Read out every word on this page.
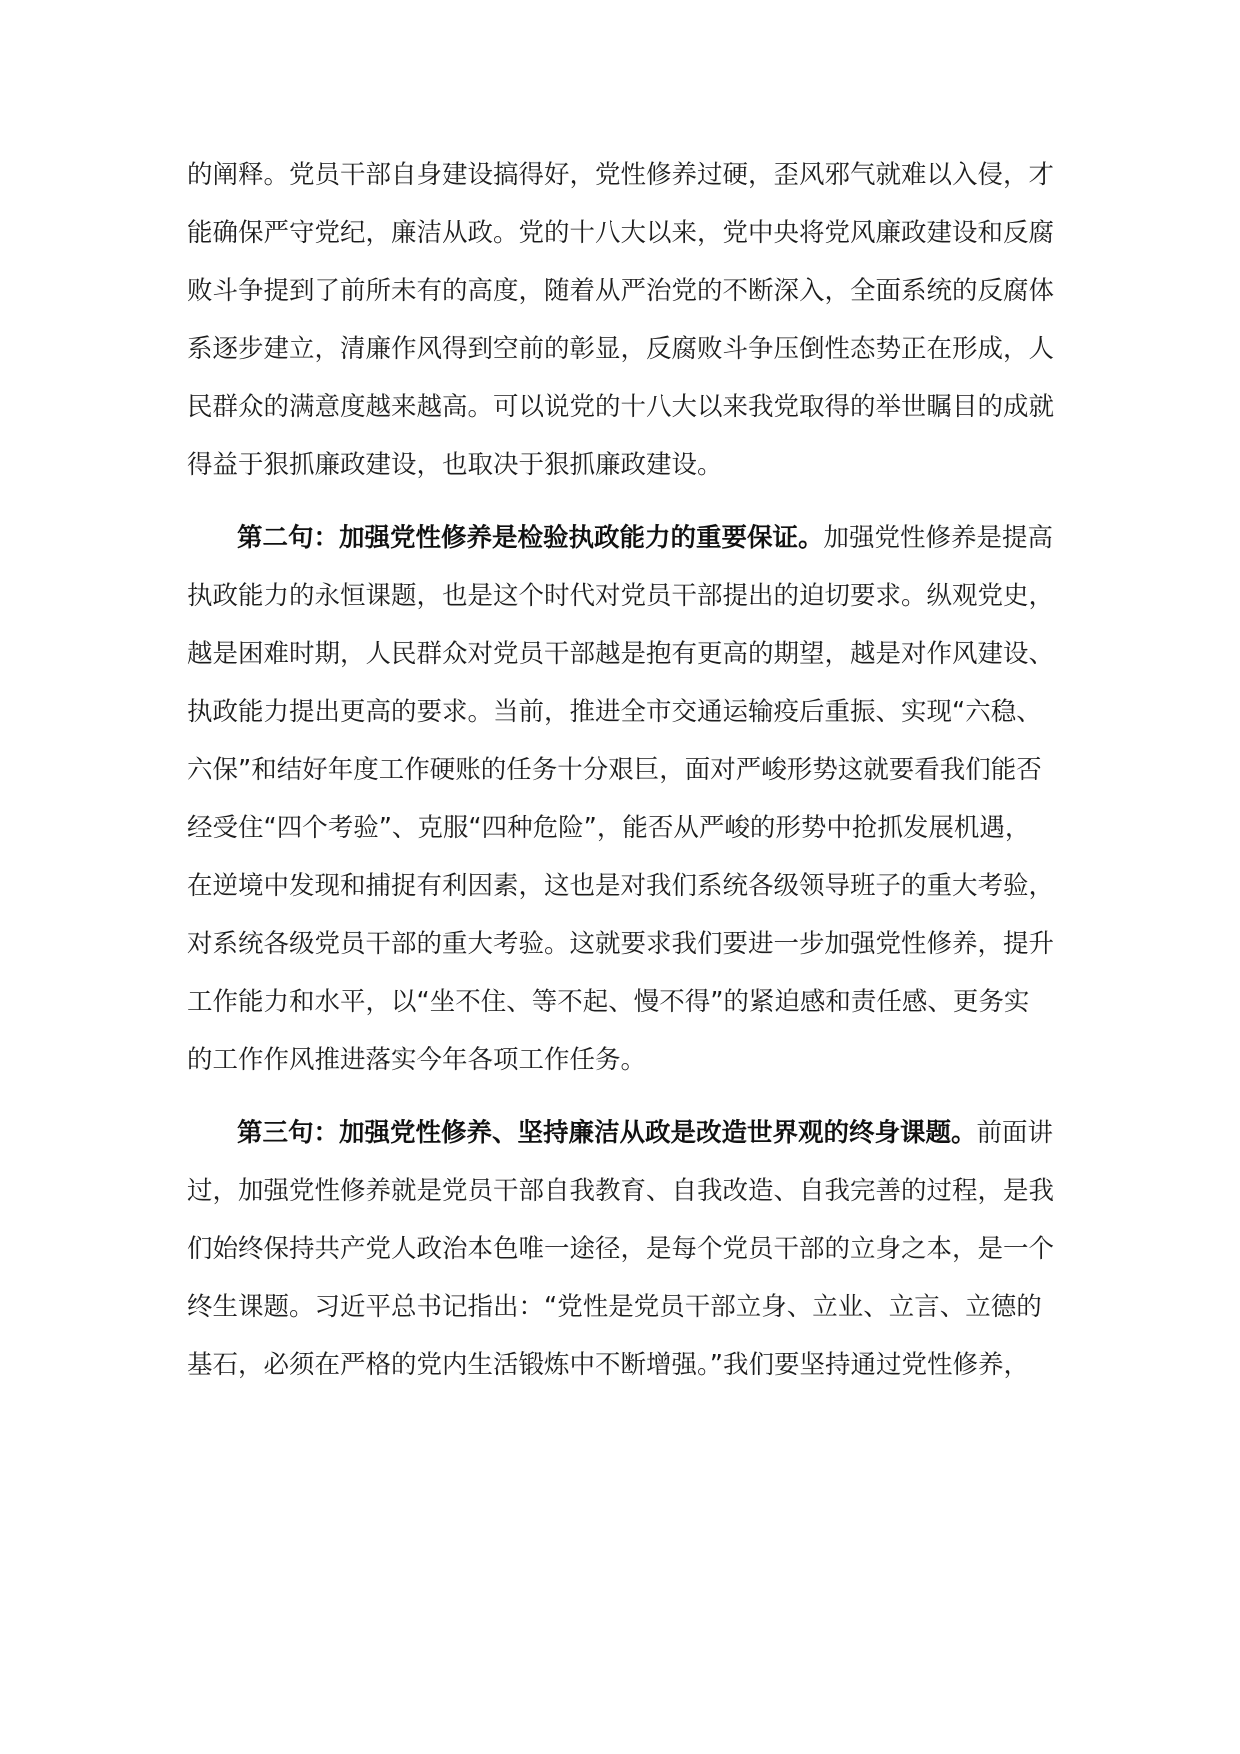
的阐释。党员干部自身建设搞得好，党性修养过硬，歪风邪气就难以入侵，才
能确保严守党纪，廉洁从政。党的十八大以来，党中央将党风廉政建设和反腐
败斗争提到了前所未有的高度，随着从严治党的不断深入，全面系统的反腐体
系逐步建立，清廉作风得到空前的彰显，反腐败斗争压倒性态势正在形成，人
民群众的满意度越来越高。可以说党的十八大以来我党取得的举世瞩目的成就
得益于狠抓廉政建设，也取决于狠抓廉政建设。
第二句：加强党性修养是检验执政能力的重要保证。加强党性修养是提高
执政能力的永恒课题，也是这个时代对党员干部提出的迫切要求。纵观党史，
越是困难时期，人民群众对党员干部越是抱有更高的期望，越是对作风建设、
执政能力提出更高的要求。当前，推进全市交通运输疫后重振、实现“六稳、
六保”和结好年度工作硬账的任务十分艰巨，面对严峻形势这就要看我们能否
经受住“四个考验”、克服“四种危险”，能否从严峻的形势中抢抓发展机遇，
在逆境中发现和捕捉有利因素，这也是对我们系统各级领导班子的重大考验，
对系统各级党员干部的重大考验。这就要求我们要进一步加强党性修养，提升
工作能力和水平，以“坐不住、等不起、慢不得”的紧迫感和责任感、更务实
的工作作风推进落实今年各项工作任务。
第三句：加强党性修养、坚持廉洁从政是改造世界观的终身课题。前面讲
过，加强党性修养就是党员干部自我教育、自我改造、自我完善的过程，是我
们始终保持共产党人政治本色唯一途径，是每个党员干部的立身之本，是一个
终生课题。习近平总书记指出：“党性是党员干部立身、立业、立言、立德的
基石，必须在严格的党内生活锻炼中不断增强。”我们要坚持通过党性修养，
